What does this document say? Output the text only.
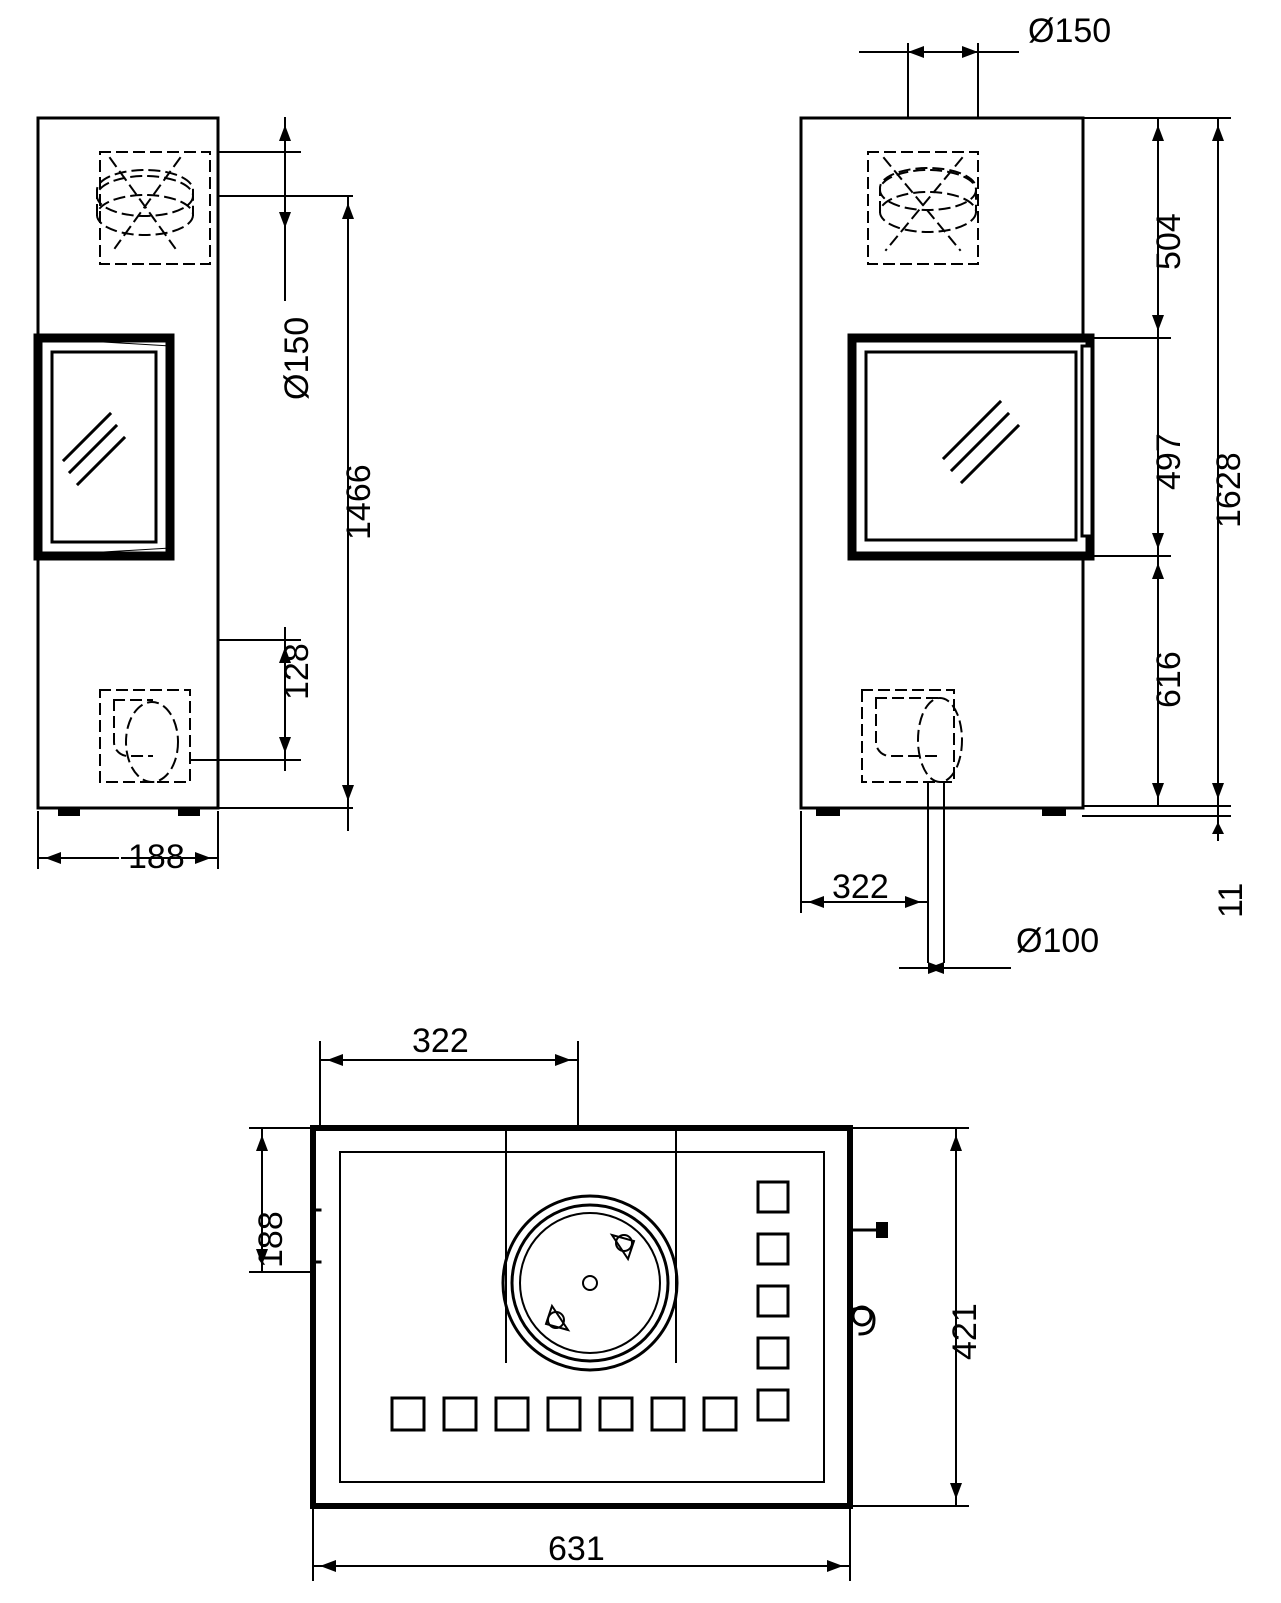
Ø150
1466
128
188
Ø150
504
497
616
1628
11
322
Ø100
322
188
421
631
